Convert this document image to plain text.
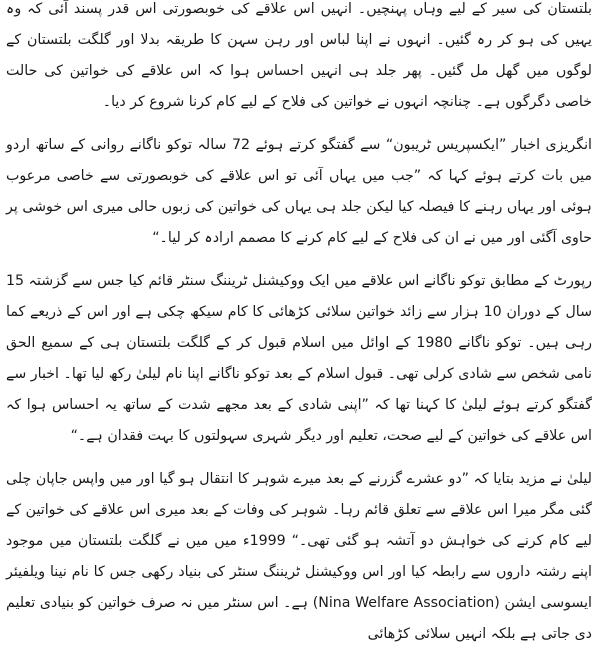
بلتستان کی سیر کے لیے وہاں پہنچیں۔ انہیں اس علاقے کی خوبصورتی اس قدر پسند آئی کہ وہ یہیں کی ہو کر رہ گئیں۔ انہوں نے اپنا لباس اور رہن سہن کا طریقہ بدلا اور گلگت بلتستان کے لوگوں میں گھل مل گئیں۔ پھر جلد ہی انہیں احساس ہوا کہ اس علاقے کی خواتین کی حالت خاصی دگرگوں ہے۔ چنانچہ انہوں نے خواتین کی فلاح کے لیے کام کرنا شروع کر دیا۔

انگریزی اخبار ”ایکسپریس ٹریبون“ سے گفتگو کرتے ہوئے 72 سالہ توکو ناگانے روانی کے ساتھ اردو میں بات کرتے ہوئے کہا کہ ”جب میں یہاں آئی تو اس علاقے کی خوبصورتی سے خاصی مرعوب ہوئی اور یہاں رہنے کا فیصلہ کیا لیکن جلد ہی یہاں کی خواتین کی زبوں حالی میری اس خوشی پر حاوی آگئی اور میں نے ان کی فلاح کے لیے کام کرنے کا مصمم ارادہ کر لیا۔“

رپورٹ کے مطابق توکو ناگانے اس علاقے میں ایک ووکیشنل ٹریننگ سنٹر قائم کیا جس سے گزشتہ 15 سال کے دوران 10 ہزار سے زائد خواتین سلائی کڑھائی کا کام سیکھ چکی ہے اور اس کے ذریعے کما رہی ہیں۔ توکو ناگانے 1980 کے اوائل میں اسلام قبول کر کے گلگت بلتستان ہی کے سمیع الحق نامی شخص سے شادی کرلی تھی۔ قبول اسلام کے بعد توکو ناگانے اپنا نام لیلیٰ رکھ لیا تھا۔ اخبار سے گفتگو کرتے ہوئے لیلیٰ کا کہنا تھا کہ ”اپنی شادی کے بعد مجھے شدت کے ساتھ یہ احساس ہوا کہ اس علاقے کی خواتین کے لیے صحت، تعلیم اور دیگر شہری سہولتوں کا بہت فقدان ہے۔“

لیلیٰ نے مزید بتایا کہ ”دو عشرے گزرنے کے بعد میرے شوہر کا انتقال ہو گیا اور میں واپس جاپان چلی گئی مگر میرا اس علاقے سے تعلق قائم رہا۔ شوہر کی وفات کے بعد میری اس علاقے کی خواتین کے لیے کام کرنے کی خواہش دو آتشہ ہو گئی تھی۔“ 1999ء میں میں نے گلگت بلتستان میں موجود اپنے رشتہ داروں سے رابطہ کیا اور اس ووکیشنل ٹریننگ سنٹر کی بنیاد رکھی جس کا نام نینا ویلفیئر ایسوسی ایشن (Nina Welfare Association) ہے۔ اس سنٹر میں نہ صرف خواتین کو بنیادی تعلیم دی جاتی ہے بلکہ انہیں سلائی کڑھائی
